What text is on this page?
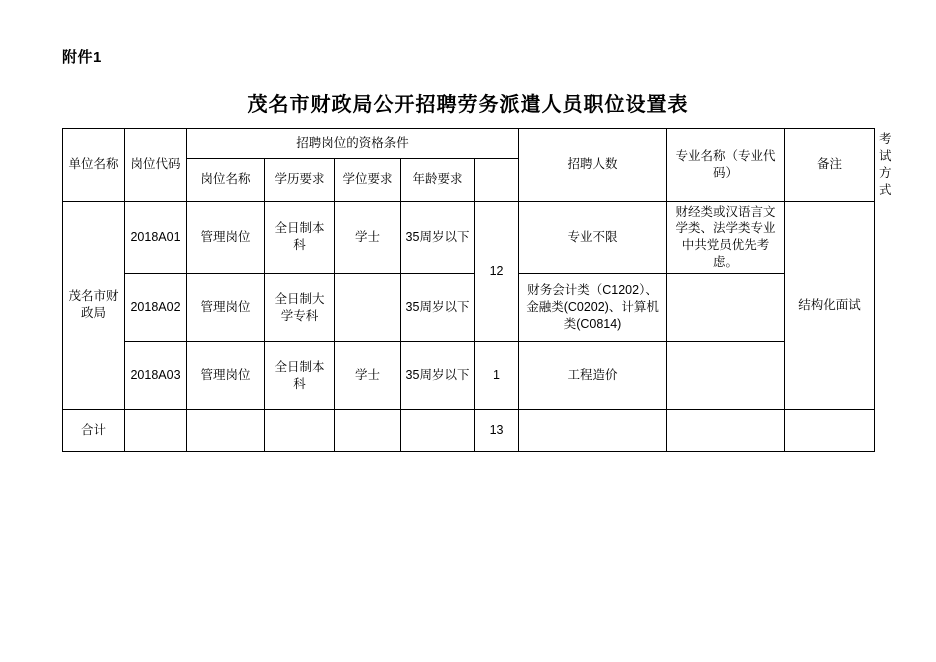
附件1
茂名市财政局公开招聘劳务派遣人员职位设置表
单位名称	岗位代码	招聘岗位的资格条件					招聘人数	专业名称（专业代码）	备注	考试方式
		岗位名称	学历要求	学位要求	年龄要求					
茂名市财政局	2018A01	管理岗位	全日制本科	学士	35周岁以下	12	专业不限	财经类或汉语言文学类、法学类专业中共党员优先考虑。	结构化面试	
	2018A02	管理岗位	全日制大学专科		35周岁以下		财务会计类（C1202）、金融类(C0202)、计算机类(C0814)			
	2018A03	管理岗位	全日制本科	学士	35周岁以下	1	工程造价			
合计						13				
